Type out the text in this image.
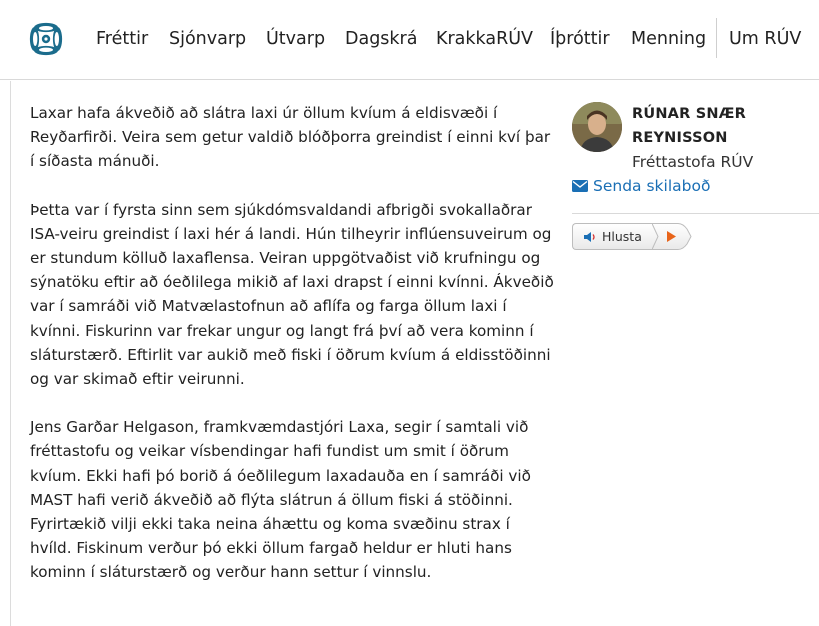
Fréttir Sjónvarp Útvarp Dagskrá KrakkaRÚV Íþróttir Menning Um RÚV

Laxar hafa ákveðið að slátra laxi úr öllum kvíum á eldisvæði í Reyðarfirði. Veira sem getur valdið blóðþorra greindist í einni kví þar í síðasta mánuði.

Þetta var í fyrsta sinn sem sjúkdómsvaldandi afbrigði svokallaðrar ISA-veiru greindist í laxi hér á landi. Hún tilheyrir inflúensuveirum og er stundum kölluð laxaflensa. Veiran uppgötvaðist við krufningu og sýnatöku eftir að óeðlilega mikið af laxi drapst í einni kvínni. Ákveðið var í samráði við Matvælastofnun að aflífa og farga öllum laxi í kvínni. Fiskurinn var frekar ungur og langt frá því að vera kominn í sláturstærð. Eftirlit var aukið með fiski í öðrum kvíum á eldisstöðinni og var skimað eftir veirunni.

Jens Garðar Helgason, framkvæmdastjóri Laxa, segir í samtali við fréttastofu og veikar vísbendingar hafi fundist um smit í öðrum kvíum. Ekki hafi þó borið á óeðlilegum laxadauða en í samráði við MAST hafi verið ákveðið að flýta slátrun á öllum fiski á stöðinni. Fyrirtækið vilji ekki taka neina áhættu og koma svæðinu strax í hvíld. Fiskinum verður þó ekki öllum fargað heldur er hluti hans kominn í sláturstærð og verður hann settur í vinnslu.

RÚNAR SNÆR REYNISSON
Fréttastofa RÚV
Senda skilaboð
Hlusta
